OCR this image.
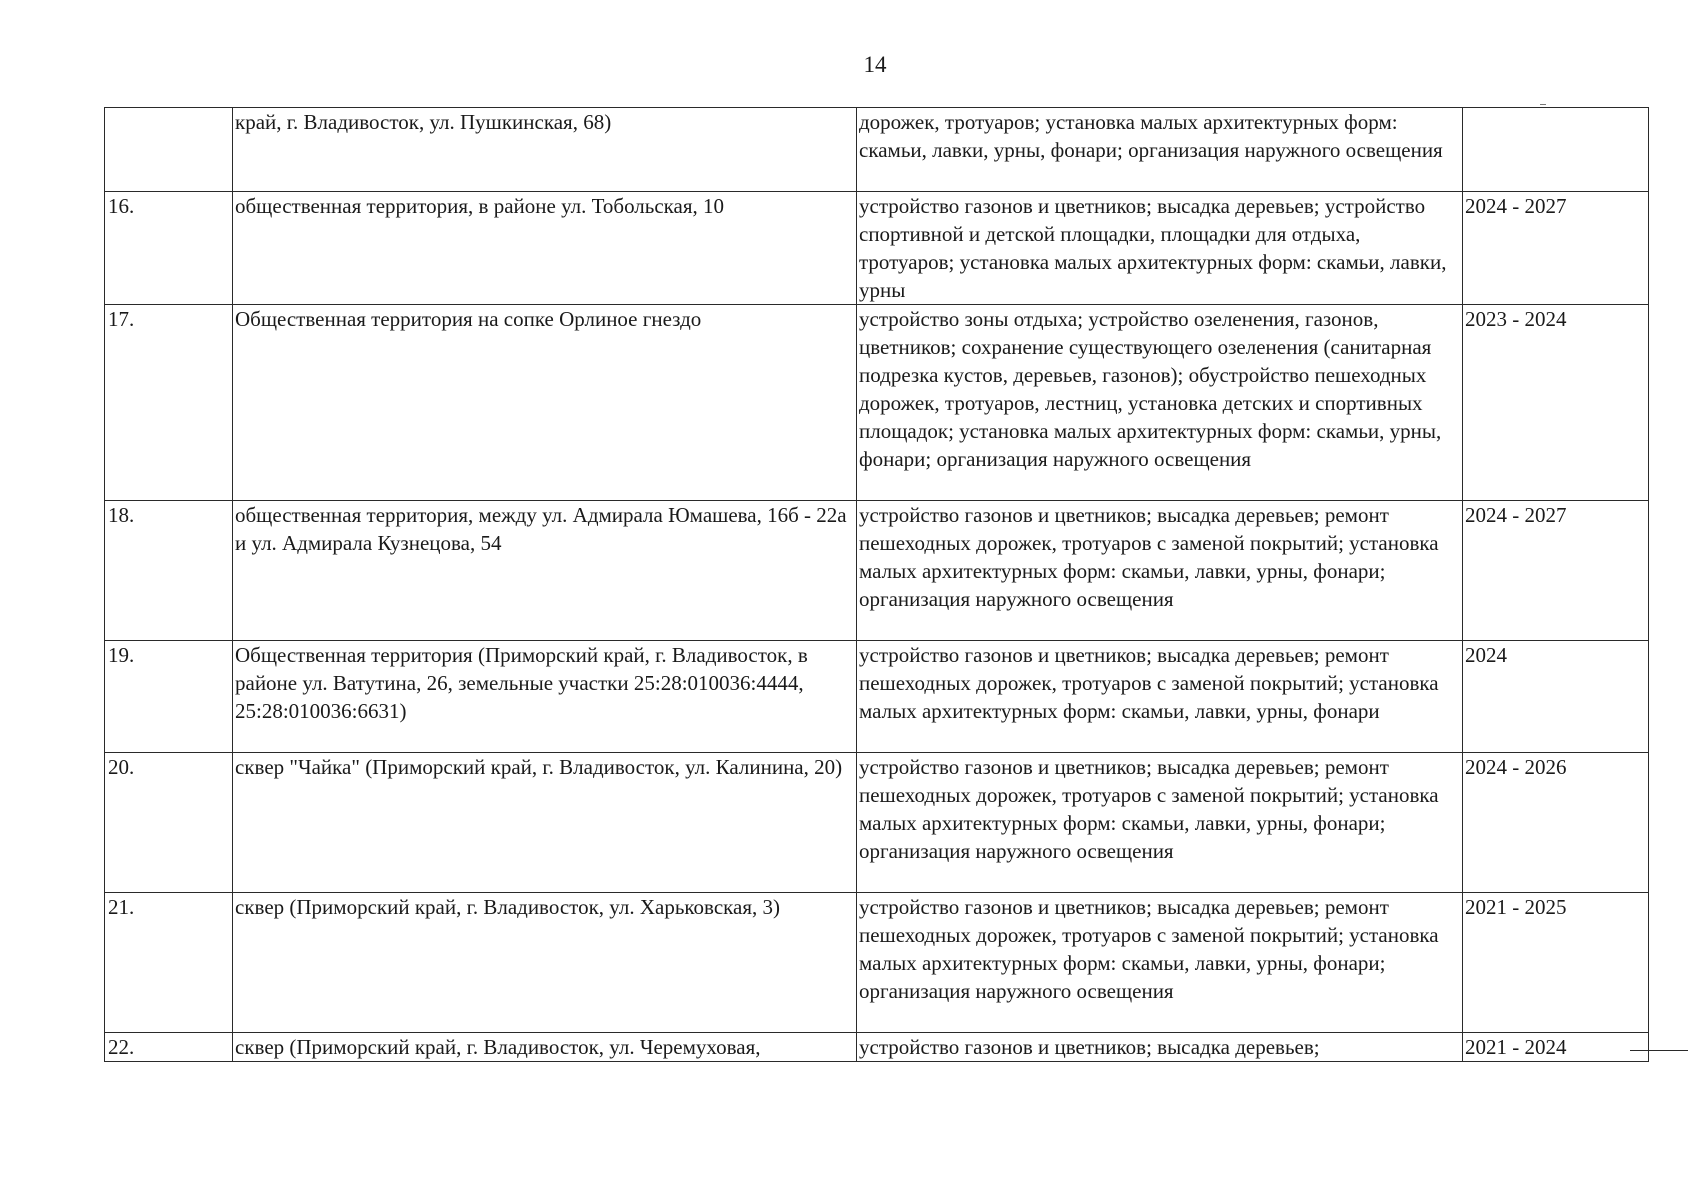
14
	край, г. Владивосток, ул. Пушкинская, 68)	дорожек, тротуаров; установка малых архитектурных форм: скамьи, лавки, урны, фонари; организация наружного освещения	
16.	общественная территория, в районе ул. Тобольская, 10	устройство газонов и цветников; высадка деревьев; устройство спортивной и детской площадки, площадки для отдыха, тротуаров; установка малых архитектурных форм: скамьи, лавки, урны	2024 - 2027
17.	Общественная территория на сопке Орлиное гнездо	устройство зоны отдыха; устройство озеленения, газонов, цветников; сохранение существующего озеленения (санитарная подрезка кустов, деревьев, газонов); обустройство пешеходных дорожек, тротуаров, лестниц, установка детских и спортивных площадок; установка малых архитектурных форм: скамьи, урны, фонари; организация наружного освещения	2023 - 2024
18.	общественная территория, между ул. Адмирала Юмашева, 16б - 22а и ул. Адмирала Кузнецова, 54	устройство газонов и цветников; высадка деревьев; ремонт пешеходных дорожек, тротуаров с заменой покрытий; установка малых архитектурных форм: скамьи, лавки, урны, фонари; организация наружного освещения	2024 - 2027
19.	Общественная территория (Приморский край, г. Владивосток, в районе ул. Ватутина, 26, земельные участки 25:28:010036:4444, 25:28:010036:6631)	устройство газонов и цветников; высадка деревьев; ремонт пешеходных дорожек, тротуаров с заменой покрытий; установка малых архитектурных форм: скамьи, лавки, урны, фонари	2024
20.	сквер "Чайка" (Приморский край, г. Владивосток, ул. Калинина, 20)	устройство газонов и цветников; высадка деревьев; ремонт пешеходных дорожек, тротуаров с заменой покрытий; установка малых архитектурных форм: скамьи, лавки, урны, фонари; организация наружного освещения	2024 - 2026
21.	сквер (Приморский край, г. Владивосток, ул. Харьковская, 3)	устройство газонов и цветников; высадка деревьев; ремонт пешеходных дорожек, тротуаров с заменой покрытий; установка малых архитектурных форм: скамьи, лавки, урны, фонари; организация наружного освещения	2021 - 2025
22.	сквер (Приморский край, г. Владивосток, ул. Черемуховая,	устройство газонов и цветников; высадка деревьев;	2021 - 2024
